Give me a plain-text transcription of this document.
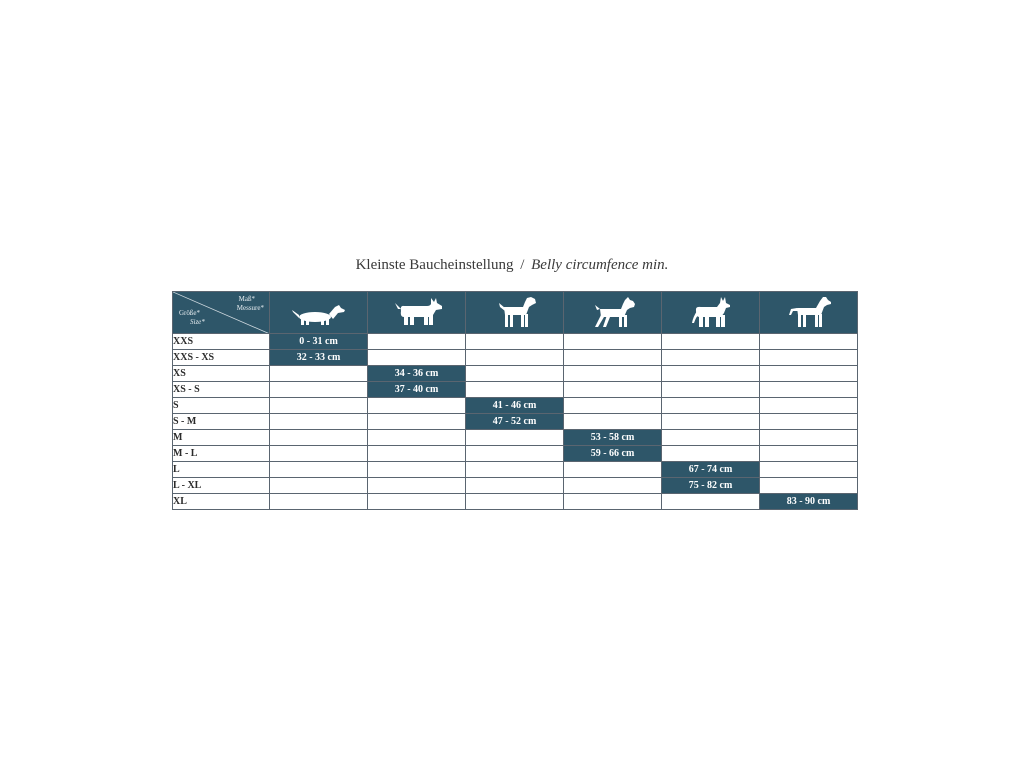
Kleinste Baucheinstellung / Belly circumfence min.
Maß*
Messure*
Größe*
Size*

XXS	0 - 31 cm					
XXS - XS	32 - 33 cm					
XS		34 - 36 cm				
XS - S		37 - 40 cm				
S			41 - 46 cm			
S - M			47 - 52 cm			
M				53 - 58 cm		
M - L				59 - 66 cm		
L					67 - 74 cm	
L - XL					75 - 82 cm	
XL						83 - 90 cm
